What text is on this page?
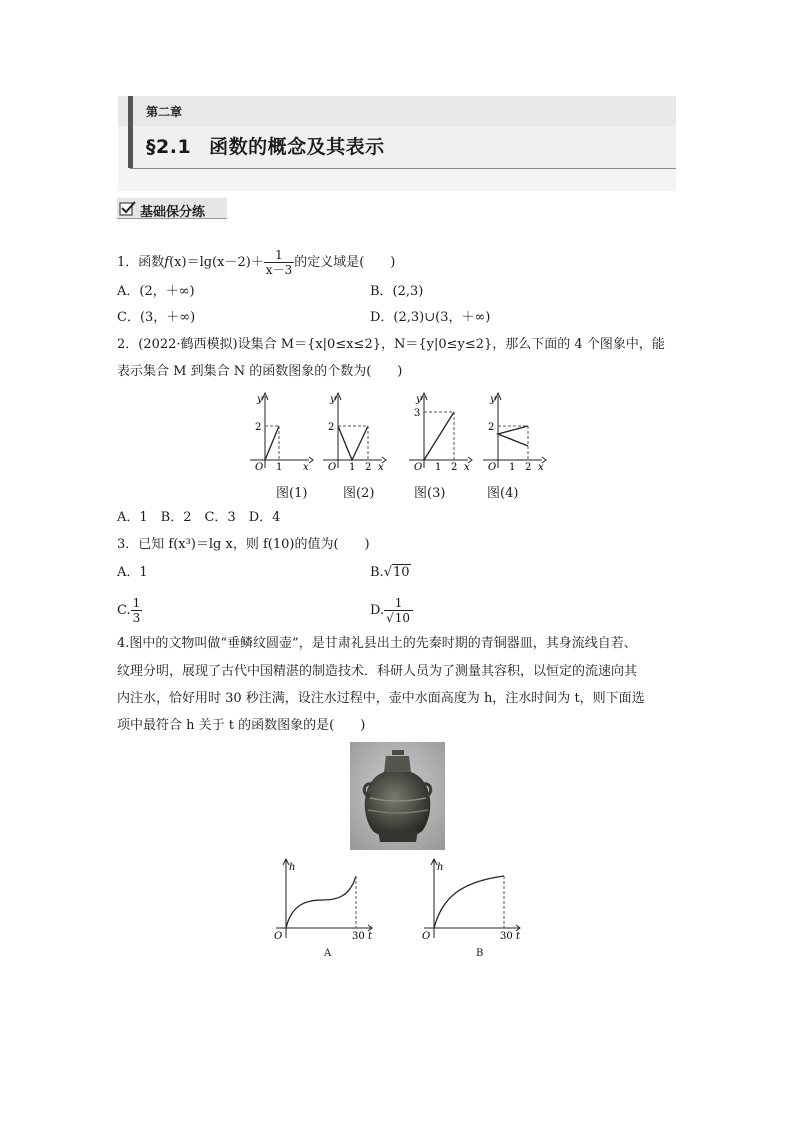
第二章
§2.1 函数的概念及其表示
基础保分练
1．函数$f(x)=\lg(x-2)+ \frac{1}{x-3}$ 的定义域是(　　)
A．(2，＋∞)	B．(2,3)
C．(3，＋∞)	D．(2,3)∪(3，＋∞)
2．(2022·鹤西模拟)设集合 M＝{x|0≤x≤2}，N＝{y|0≤y≤2}，那么下面的 4 个图象中，能
表示集合 M 到集合 N 的函数图象的个数为(　　)
y
2
O 1 x
y
2
O 1 2 x
y
3
O 1 2 x
y
2
O 1 2 x
图(1)	图(2)	图(3)	图(4)
A．1　B．2　C．3　D．4
3．已知 f(x³)＝lg x，则 f(10)的值为(　　)
A．1	B.√10
C. $\frac{1}{3}$	D. $\frac{1}{√10}$
4.图中的文物叫做“垂鳞纹圆壶”，是甘肃礼县出土的先秦时期的青铜器皿，其身流线自若、
纹理分明，展现了古代中国精湛的制造技术．科研人员为了测量其容积，以恒定的流速向其
内注水，恰好用时 30 秒注满，设注水过程中，壶中水面高度为 h，注水时间为 t，则下面选
项中最符合 h 关于 t 的函数图象的是(　　)
h
O	30 t
A
h
O	30 t
B
